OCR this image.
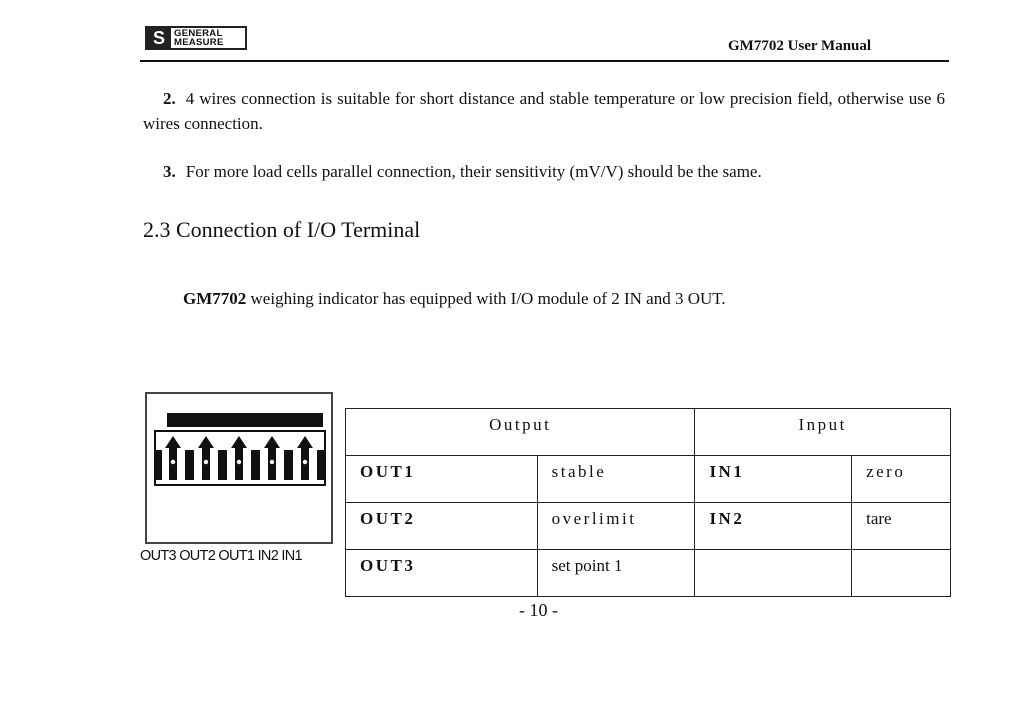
S GENERAL
MEASURE	GM7702 User Manual
2. 4 wires connection is suitable for short distance and stable temperature or low precision field, otherwise use 6 wires connection.
3. For more load cells parallel connection, their sensitivity (mV/V) should be the same.
2.3 Connection of I/O Terminal
GM7702 weighing indicator has equipped with I/O module of 2 IN and 3 OUT.
OUT3 OUT2 OUT1 IN2 IN1
Output		Input	
OUT1	stable	IN1	zero
OUT2	overlimit	IN2	tare
OUT3	set point 1		
- 10 -
